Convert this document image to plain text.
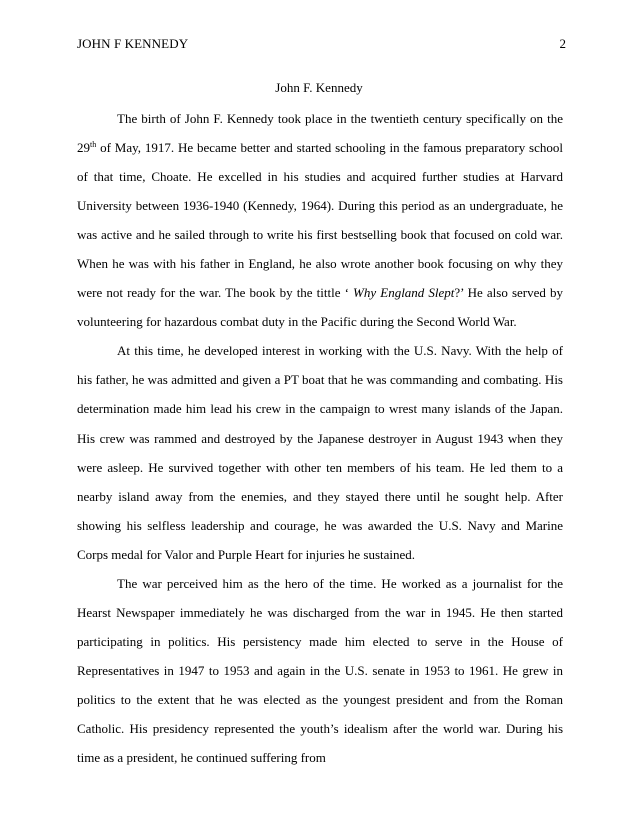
JOHN F KENNEDY	2
John F. Kennedy

The birth of John F. Kennedy took place in the twentieth century specifically on the 29th of May, 1917. He became better and started schooling in the famous preparatory school of that time, Choate. He excelled in his studies and acquired further studies at Harvard University between 1936-1940 (Kennedy, 1964). During this period as an undergraduate, he was active and he sailed through to write his first bestselling book that focused on cold war. When he was with his father in England, he also wrote another book focusing on why they were not ready for the war. The book by the tittle ‘ Why England Slept?’ He also served by volunteering for hazardous combat duty in the Pacific during the Second World War.

At this time, he developed interest in working with the U.S. Navy. With the help of his father, he was admitted and given a PT boat that he was commanding and combating. His determination made him lead his crew in the campaign to wrest many islands of the Japan. His crew was rammed and destroyed by the Japanese destroyer in August 1943 when they were asleep. He survived together with other ten members of his team. He led them to a nearby island away from the enemies, and they stayed there until he sought help. After showing his selfless leadership and courage, he was awarded the U.S. Navy and Marine Corps medal for Valor and Purple Heart for injuries he sustained.

The war perceived him as the hero of the time. He worked as a journalist for the Hearst Newspaper immediately he was discharged from the war in 1945. He then started participating in politics. His persistency made him elected to serve in the House of Representatives in 1947 to 1953 and again in the U.S. senate in 1953 to 1961. He grew in politics to the extent that he was elected as the youngest president and from the Roman Catholic. His presidency represented the youth’s idealism after the world war. During his time as a president, he continued suffering from
